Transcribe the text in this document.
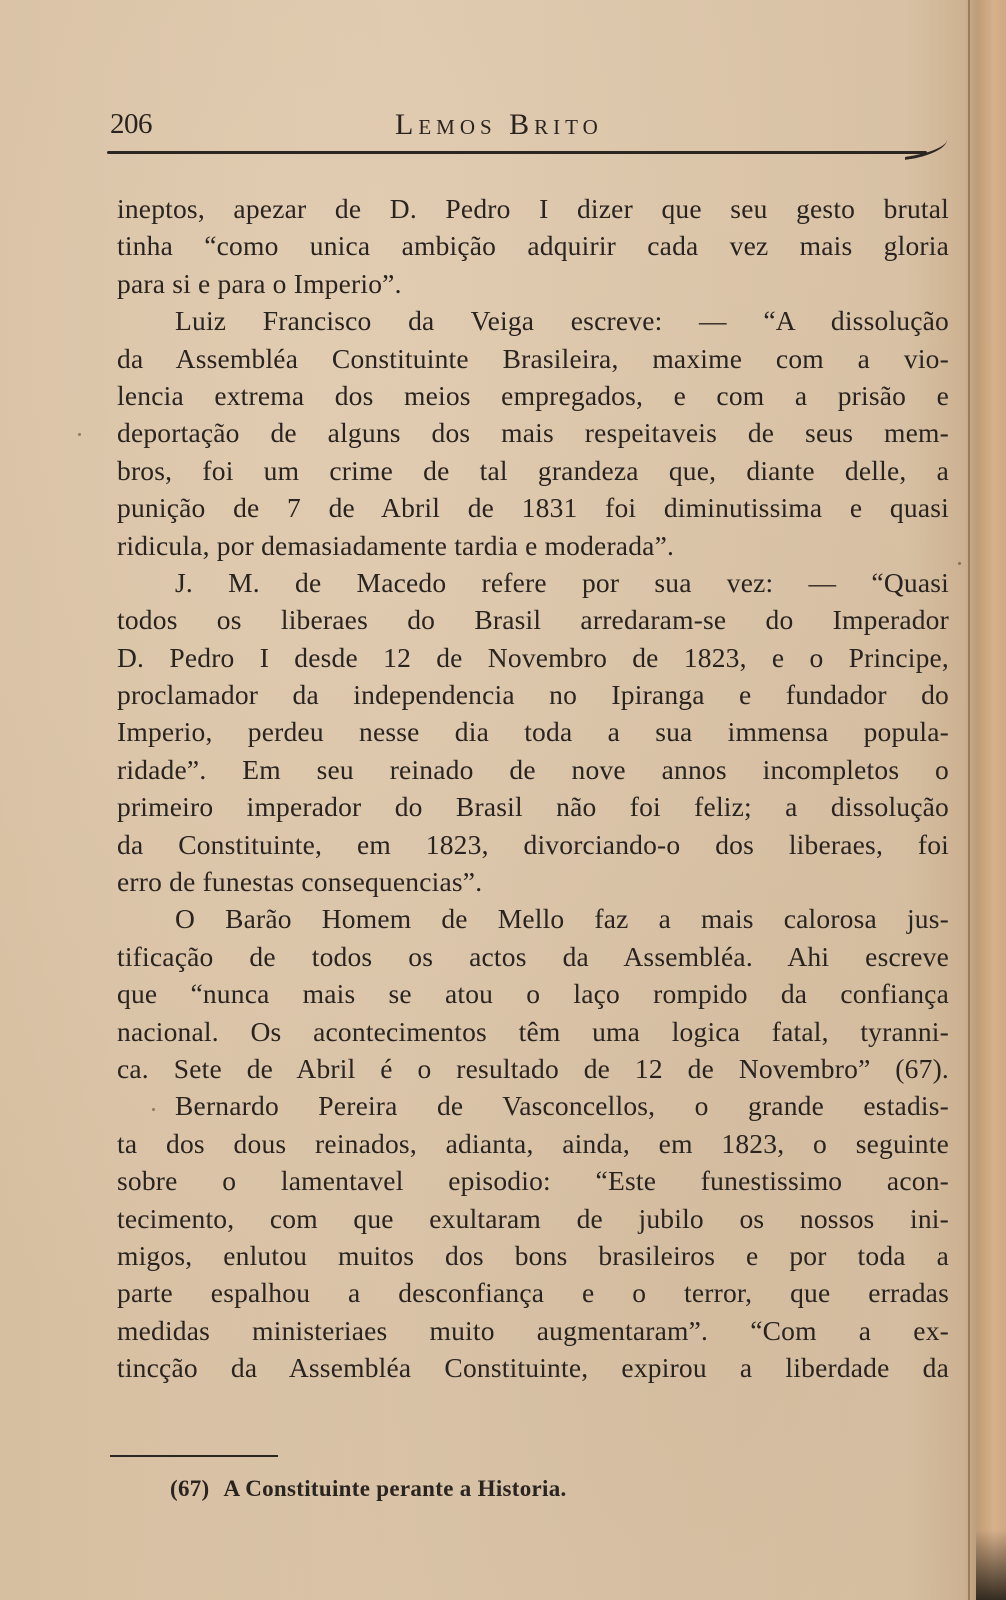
206	Lemos Brito
ineptos, apezar de D. Pedro I dizer que seu gesto brutal
tinha “como unica ambição adquirir cada vez mais gloria
para si e para o Imperio”.
Luiz Francisco da Veiga escreve: — “A dissolução
da Assembléa Constituinte Brasileira, maxime com a vio-
lencia extrema dos meios empregados, e com a prisão e
deportação de alguns dos mais respeitaveis de seus mem-
bros, foi um crime de tal grandeza que, diante delle, a
punição de 7 de Abril de 1831 foi diminutissima e quasi
ridicula, por demasiadamente tardia e moderada”.
J. M. de Macedo refere por sua vez: — “Quasi
todos os liberaes do Brasil arredaram-se do Imperador
D. Pedro I desde 12 de Novembro de 1823, e o Principe,
proclamador da independencia no Ipiranga e fundador do
Imperio, perdeu nesse dia toda a sua immensa popula-
ridade”. Em seu reinado de nove annos incompletos o
primeiro imperador do Brasil não foi feliz; a dissolução
da Constituinte, em 1823, divorciando-o dos liberaes, foi
erro de funestas consequencias”.
O Barão Homem de Mello faz a mais calorosa jus-
tificação de todos os actos da Assembléa. Ahi escreve
que “nunca mais se atou o laço rompido da confiança
nacional. Os acontecimentos têm uma logica fatal, tyranni-
ca. Sete de Abril é o resultado de 12 de Novembro” (67).
Bernardo Pereira de Vasconcellos, o grande estadis-
ta dos dous reinados, adianta, ainda, em 1823, o seguinte
sobre o lamentavel episodio: “Este funestissimo acon-
tecimento, com que exultaram de jubilo os nossos ini-
migos, enlutou muitos dos bons brasileiros e por toda a
parte espalhou a desconfiança e o terror, que erradas
medidas ministeriaes muito augmentaram”. “Com a ex-
tincção da Assembléa Constituinte, expirou a liberdade da
(67) A Constituinte perante a Historia.
